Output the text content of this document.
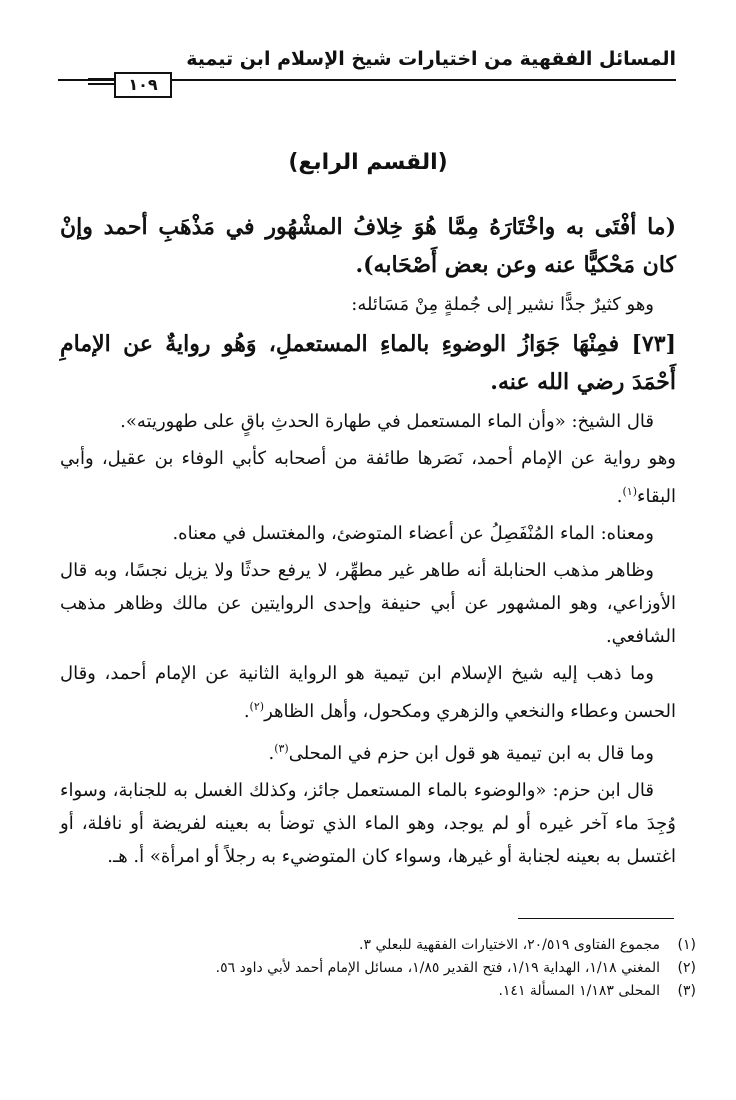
المسائل الفقهية من اختيارات شيخ الإسلام ابن تيمية
١٠٩
(القسم الرابع)

(ما أفْتَى به واخْتَارَهُ مِمَّا هُوَ خِلافُ المشْهُور في مَذْهَبِ أحمد وإنْ كان مَحْكيًّا عنه وعن بعض أَصْحَابه).

وهو كثيرٌ جدًّا نشير إلى جُملةٍ مِنْ مَسَائله:

[٧٣] فمِنْهَا جَوَازُ الوضوءِ بالماءِ المستعملِ، وَهُو روايةٌ عن الإمامِ أَحْمَدَ رضي الله عنه.

قال الشيخ: «وأن الماء المستعمل في طهارة الحدثِ باقٍ على طهوريته».

وهو رواية عن الإمام أحمد، نَصَرها طائفة من أصحابه كأبي الوفاء بن عقيل، وأبي البقاء$^{(١)}$.

ومعناه: الماء المُنْفَصِلُ عن أعضاء المتوضئ، والمغتسل في معناه.

وظاهر مذهب الحنابلة أنه طاهر غير مطهِّر، لا يرفع حدثًا ولا يزيل نجسًا، وبه قال الأوزاعي، وهو المشهور عن أبي حنيفة وإحدى الروايتين عن مالك وظاهر مذهب الشافعي.

وما ذهب إليه شيخ الإسلام ابن تيمية هو الرواية الثانية عن الإمام أحمد، وقال الحسن وعطاء والنخعي والزهري ومكحول، وأهل الظاهر$^{(٢)}$.

وما قال به ابن تيمية هو قول ابن حزم في المحلى$^{(٣)}$.

قال ابن حزم: «والوضوء بالماء المستعمل جائز، وكذلك الغسل به للجنابة، وسواء وُجِدَ ماء آخر غيره أو لم يوجد، وهو الماء الذي توضأ به بعينه لفريضة أو نافلة، أو اغتسل به بعينه لجنابة أو غيرها، وسواء كان المتوضيء به رجلاً أو امرأة» أ. هـ.

(١)
مجموع الفتاوى ٢٠/٥١٩، الاختيارات الفقهية للبعلي ٣.
(٢)
المغني ١/١٨، الهداية ١/١٩، فتح القدير ١/٨٥، مسائل الإمام أحمد لأبي داود ٥٦.
(٣)
المحلى ١/١٨٣ المسألة ١٤١.
